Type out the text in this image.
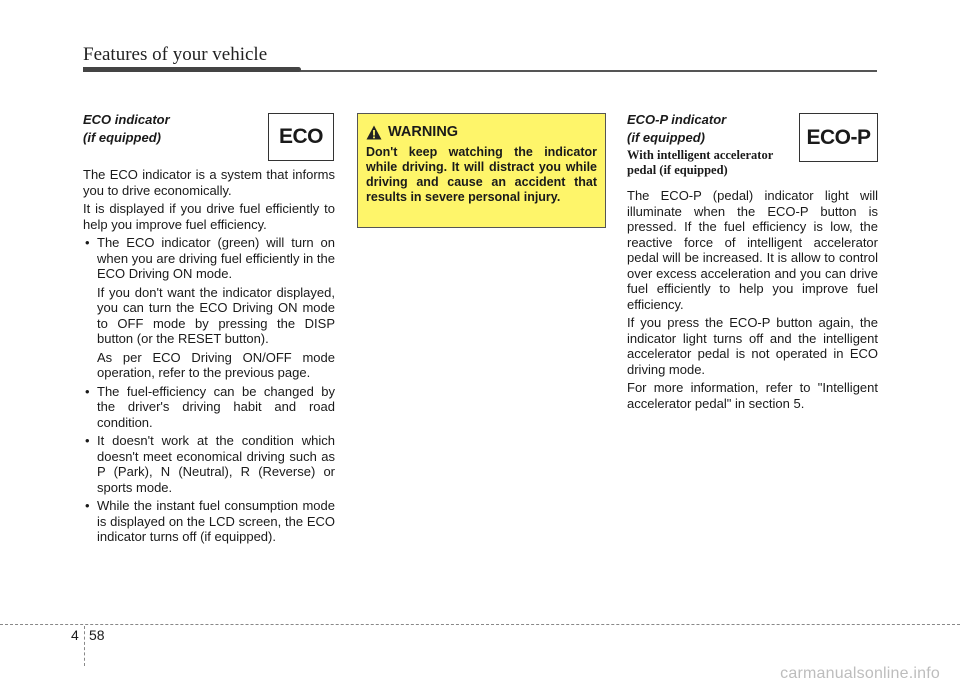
Features of your vehicle

ECO indicator

(if equipped)

The ECO indicator is a system that informs you to drive economically.

It is displayed if you drive fuel efficiently to help you improve fuel efficiency.

• The ECO indicator (green) will turn on when you are driving fuel efficiently in the ECO Driving ON mode.

If you don't want the indicator displayed, you can turn the ECO Driving ON mode to OFF mode by pressing the DISP button (or the RESET button).

As per ECO Driving ON/OFF mode operation, refer to the previous page.

• The fuel-efficiency can be changed by the driver's driving habit and road condition.

• It doesn't work at the condition which doesn't meet economical driving such as P (Park), N (Neutral), R (Reverse) or sports mode.

• While the instant fuel consumption mode is displayed on the LCD screen, the ECO indicator turns off (if equipped).

ECO	WARNING

Don't keep watching the indicator while driving. It will distract you while driving and cause an accident that results in severe personal injury.

ECO-P indicator

(if equipped)

With intelligent accelerator pedal (if equipped)

The ECO-P (pedal) indicator light will illuminate when the ECO-P button is pressed. If the fuel efficiency is low, the reactive force of intelligent accelerator pedal will be increased. It is allow to control over excess acceleration and you can drive fuel efficiently to help you improve fuel efficiency.

If you press the ECO-P button again, the indicator light turns off and the intelligent accelerator pedal is not operated in ECO driving mode.

For more information, refer to "Intelligent accelerator pedal" in section 5.

ECO-P
4 58
carmanualsonline.info
